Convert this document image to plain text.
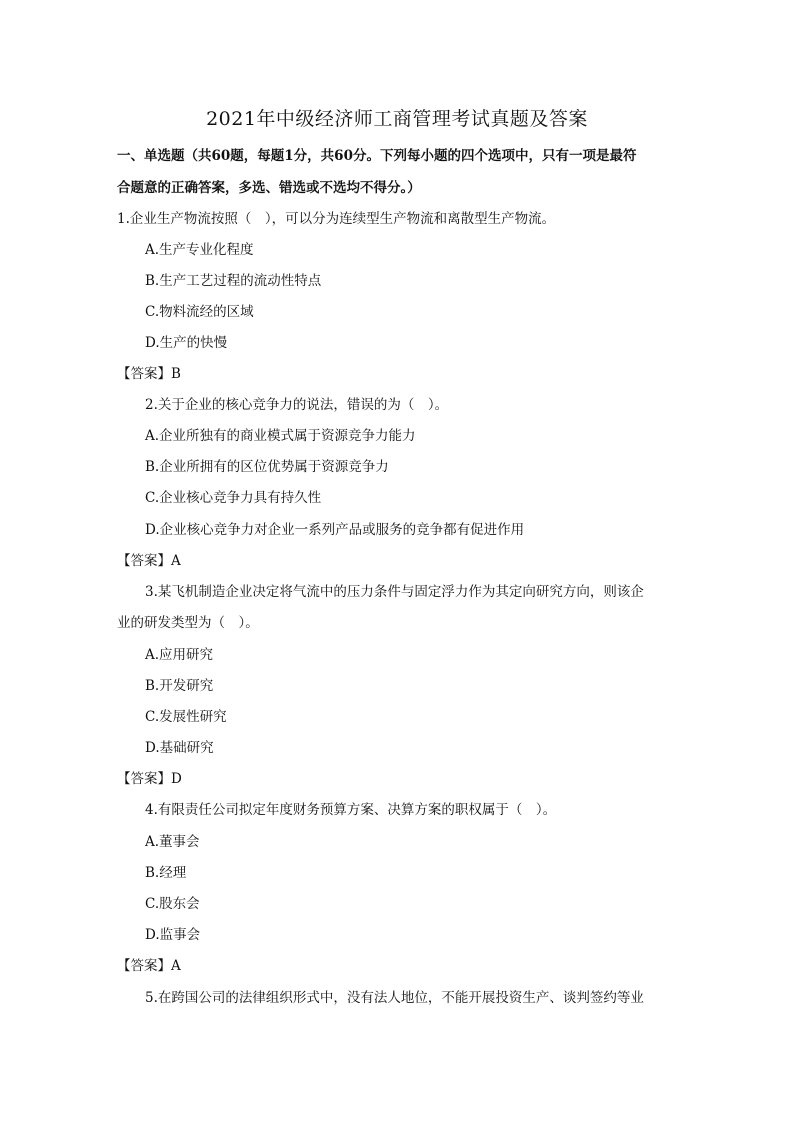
2021年中级经济师工商管理考试真题及答案
一、单选题（共60题，每题1分，共60分。下列每小题的四个选项中，只有一项是最符
合题意的正确答案，多选、错选或不选均不得分。）
1.企业生产物流按照（　），可以分为连续型生产物流和离散型生产物流。
A.生产专业化程度
B.生产工艺过程的流动性特点
C.物料流经的区域
D.生产的快慢
【答案】B
2.关于企业的核心竞争力的说法，错误的为（　）。
A.企业所独有的商业模式属于资源竞争力能力
B.企业所拥有的区位优势属于资源竞争力
C.企业核心竞争力具有持久性
D.企业核心竞争力对企业一系列产品或服务的竞争都有促进作用
【答案】A
3.某飞机制造企业决定将气流中的压力条件与固定浮力作为其定向研究方向，则该企
业的研发类型为（　）。
A.应用研究
B.开发研究
C.发展性研究
D.基础研究
【答案】D
4.有限责任公司拟定年度财务预算方案、决算方案的职权属于（　）。
A.董事会
B.经理
C.股东会
D.监事会
【答案】A
5.在跨国公司的法律组织形式中，没有法人地位，不能开展投资生产、谈判签约等业
